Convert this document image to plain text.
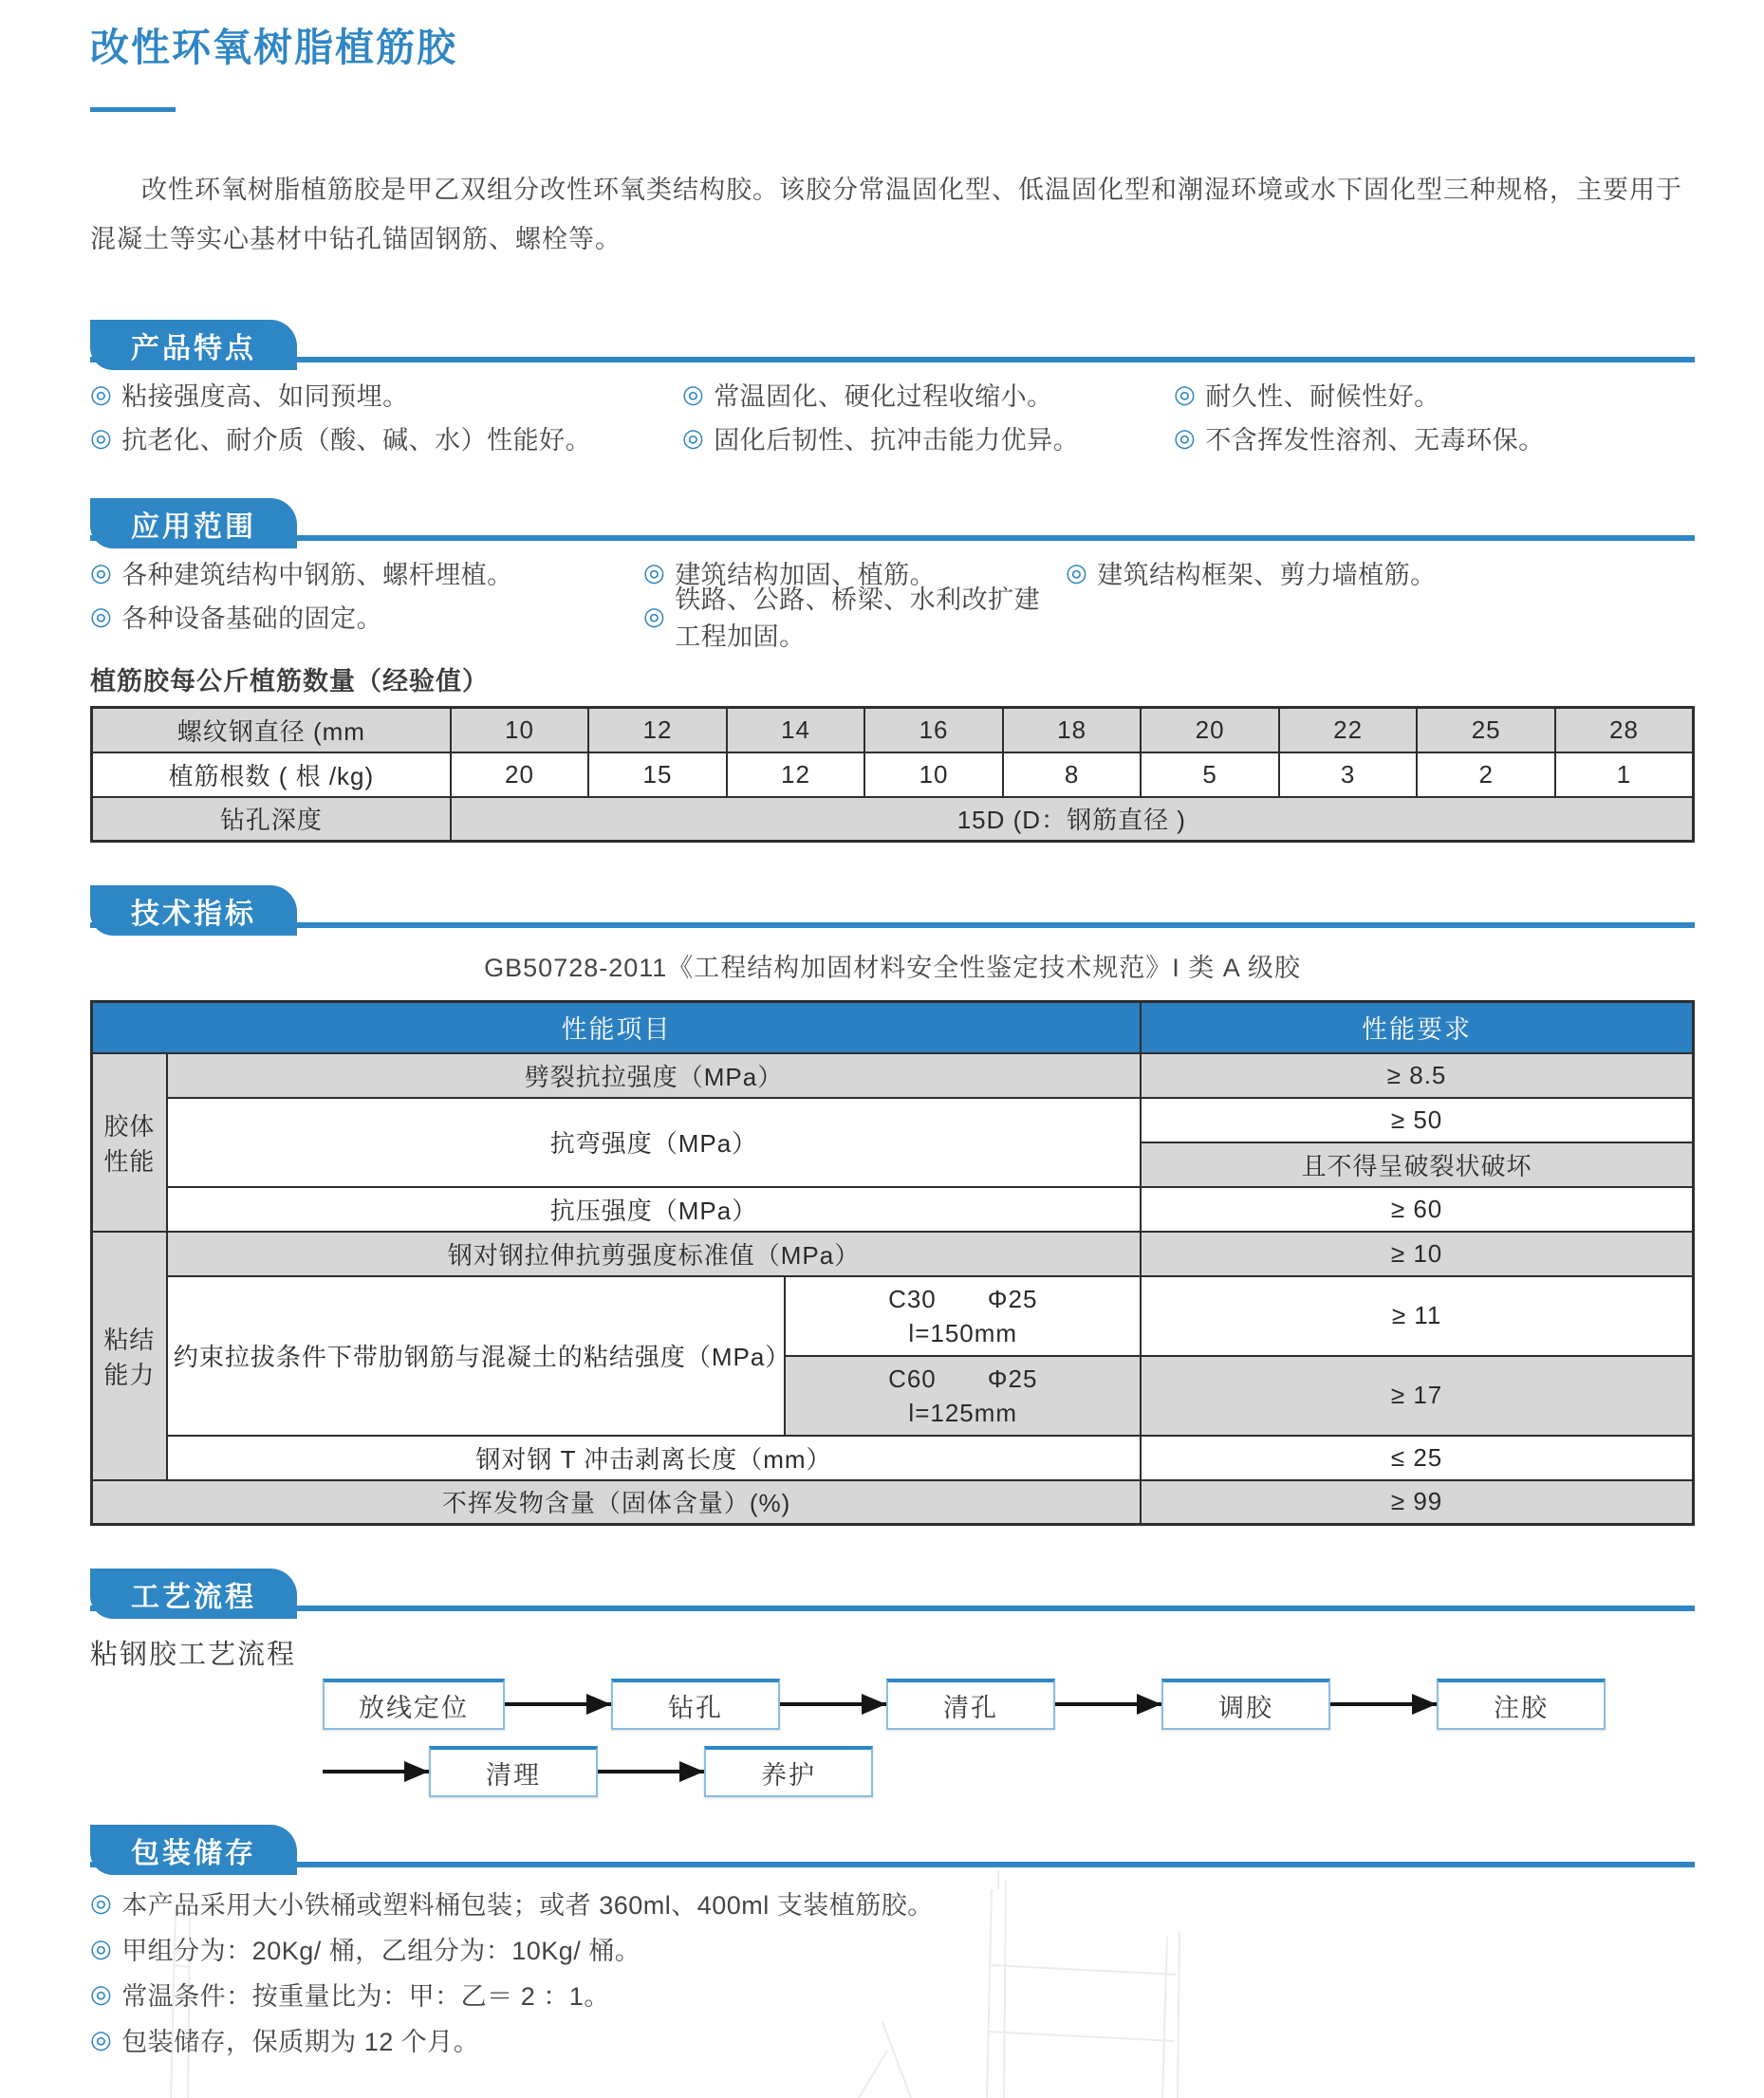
改性环氧树脂植筋胶

改性环氧树脂植筋胶是甲乙双组分改性环氧类结构胶。该胶分常温固化型、低温固化型和潮湿环境或水下固化型三种规格，主要用于混凝土等实心基材中钻孔锚固钢筋、螺栓等。

产品特点
◎ 粘接强度高、如同预埋。	◎ 常温固化、硬化过程收缩小。	◎ 耐久性、耐候性好。
◎ 抗老化、耐介质（酸、碱、水）性能好。	◎ 固化后韧性、抗冲击能力优异。	◎ 不含挥发性溶剂、无毒环保。
应用范围
◎ 各种建筑结构中钢筋、螺杆埋植。	◎ 建筑结构加固、植筋。	◎ 建筑结构框架、剪力墙植筋。
◎ 各种设备基础的固定。	◎
铁路、公路、桥梁、水利改扩建工程加固。
植筋胶每公斤植筋数量（经验值）
螺纹钢直径 (mm	10	12	14	16	18	20	22	25	28
植筋根数 ( 根 /kg)	20	15	12	10	8	5	3	2	1
钻孔深度	15D (D：钢筋直径 )								
技术指标
GB50728-2011《工程结构加固材料安全性鉴定技术规范》I 类 A 级胶
性能项目			性能要求
胶体性能	劈裂抗拉强度（MPa）		≥ 8.5
	抗弯强度（MPa）		≥ 50
			且不得呈破裂状破坏
	抗压强度（MPa）		≥ 60
粘结能力	钢对钢拉伸抗剪强度标准值（MPa）		≥ 10
	约束拉拔条件下带肋钢筋与混凝土的粘结强度（MPa）	C30　　Φ25
l=150mm	≥ 11

		C60　　Φ25
l=125mm	≥ 17
	钢对钢 T 冲击剥离长度（mm）		≤ 25
不挥发物含量（固体含量）(%)			≥ 99
工艺流程
粘钢胶工艺流程
放线定位	钻孔	清孔	调胶	注胶
清理	养护
包装储存
◎ 本产品采用大小铁桶或塑料桶包装；或者 360ml、400ml 支装植筋胶。
◎ 甲组分为：20Kg/ 桶，乙组分为：10Kg/ 桶。
◎ 常温条件：按重量比为：甲：乙＝ 2 ：1。
◎ 包装储存，保质期为 12 个月。
